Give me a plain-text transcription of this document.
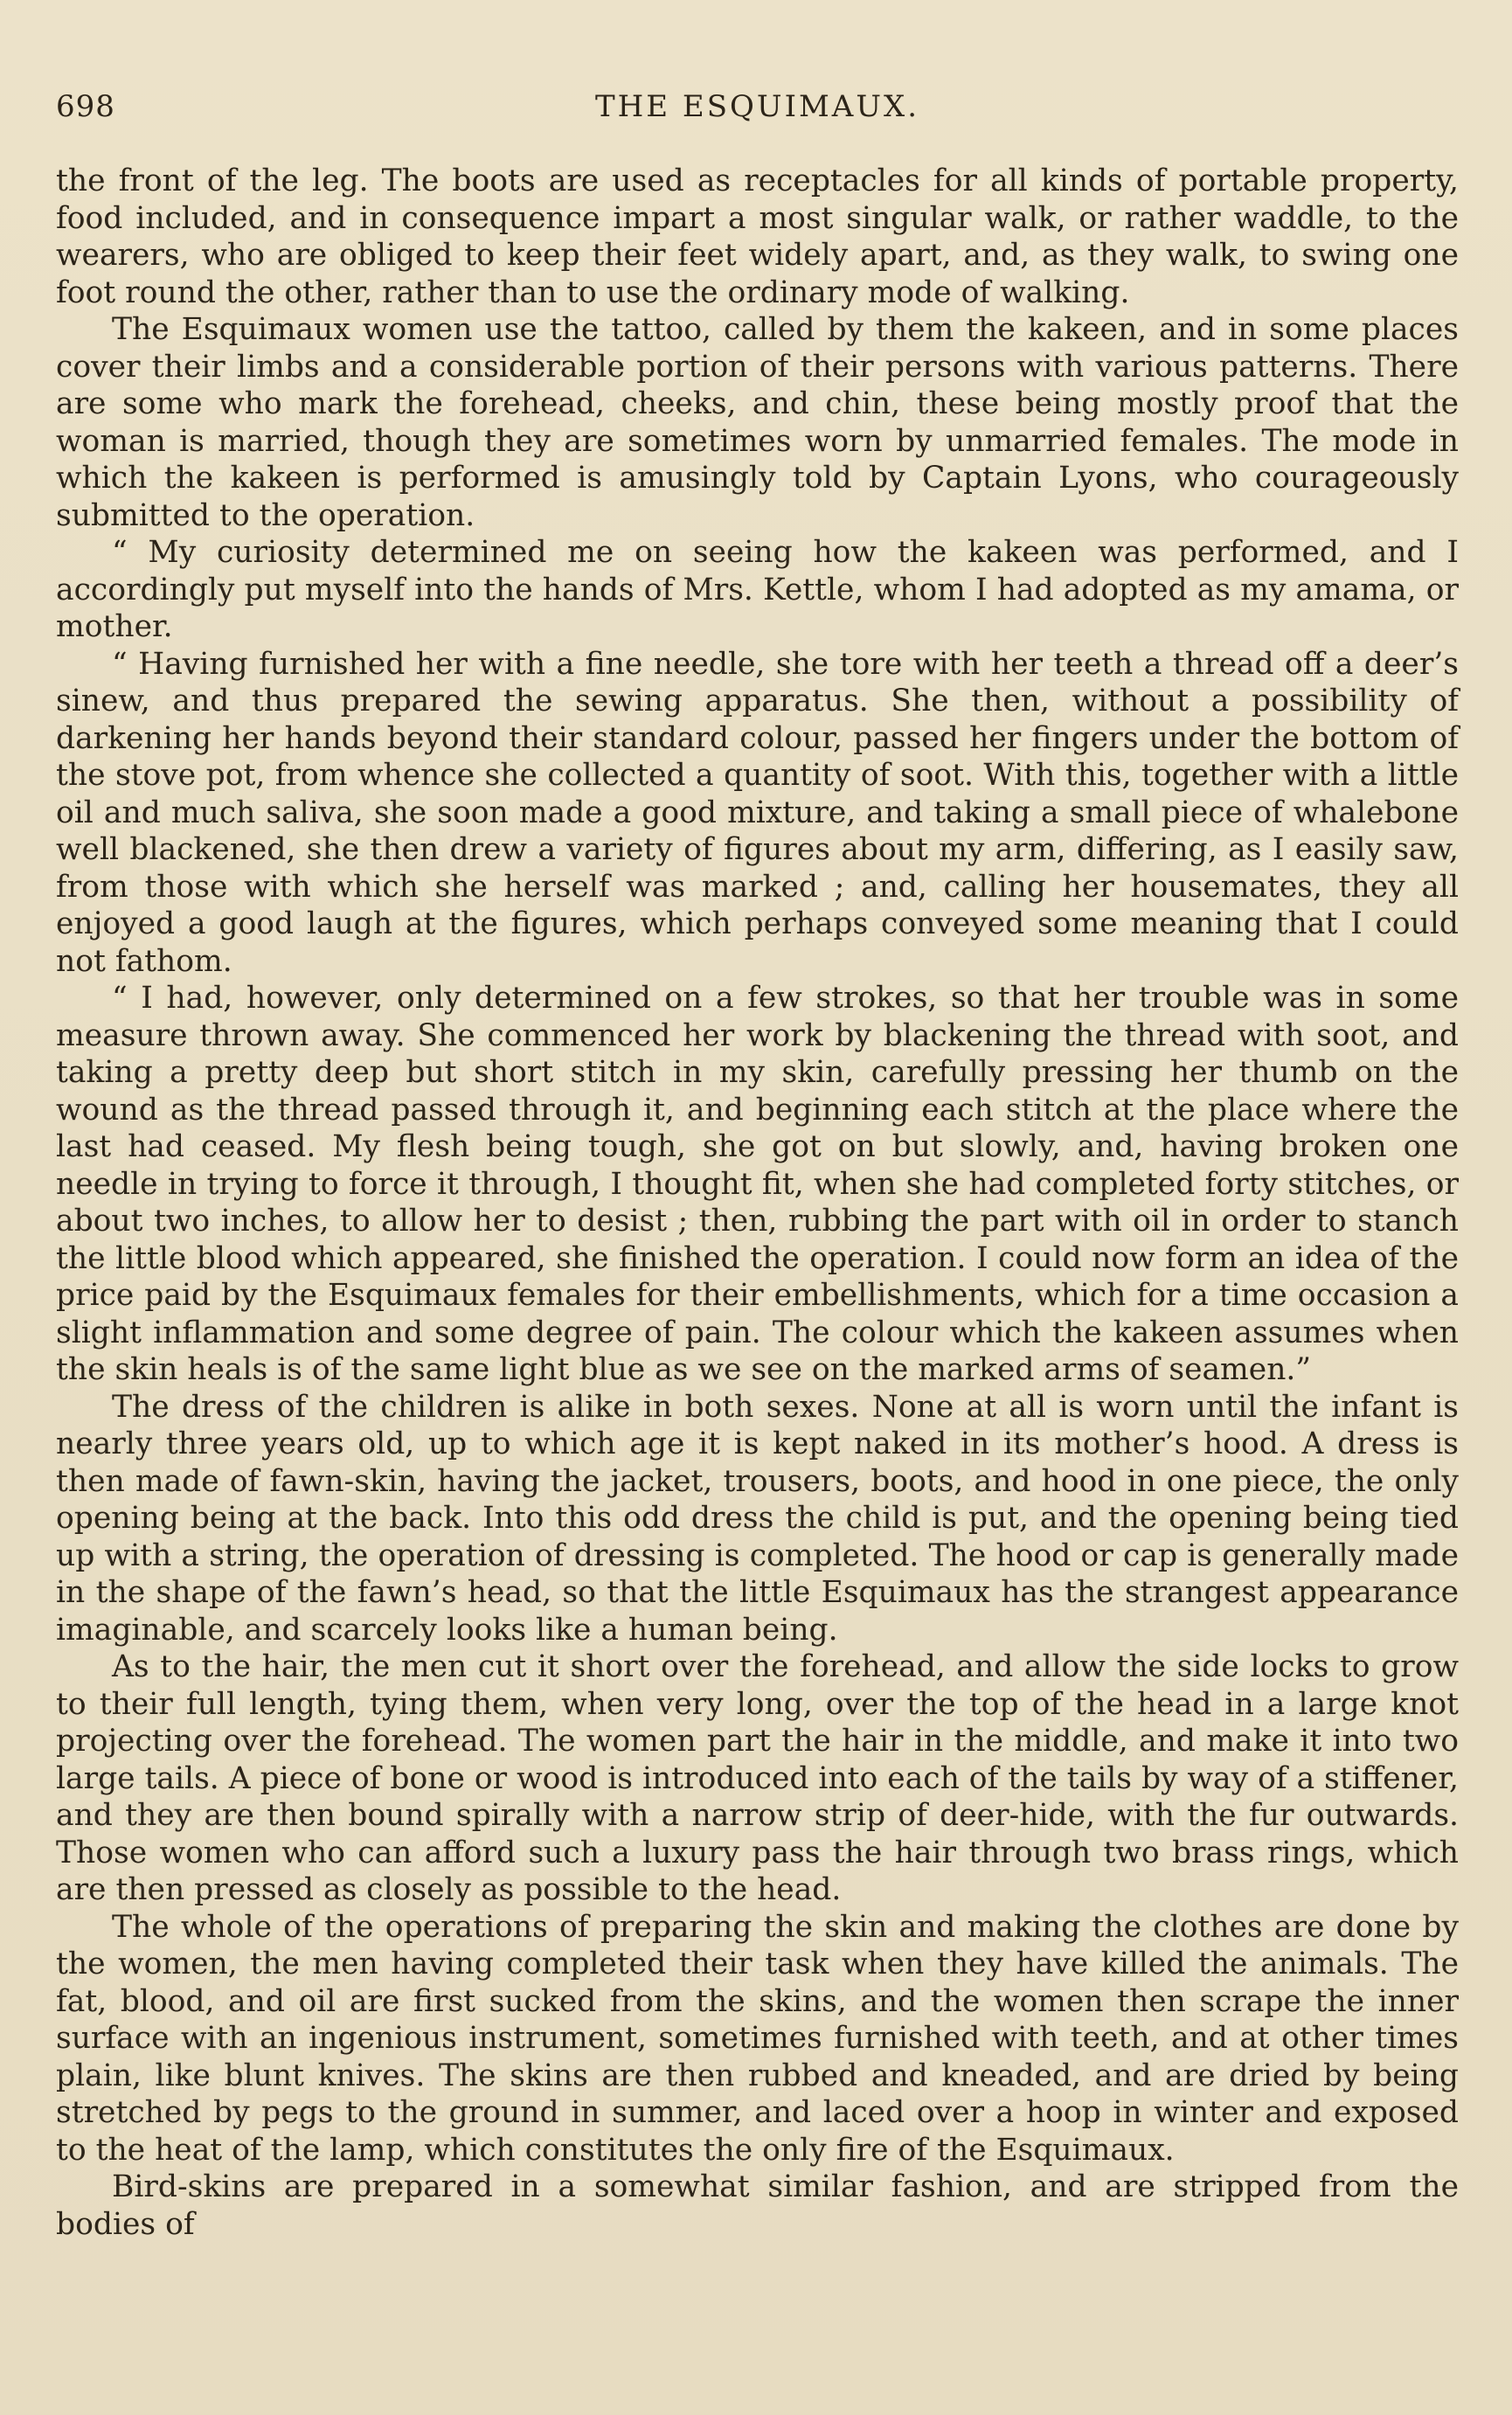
698	THE ESQUIMAUX.

the front of the leg. The boots are used as receptacles for all kinds of portable property, food included, and in consequence impart a most singular walk, or rather waddle, to the wearers, who are obliged to keep their feet widely apart, and, as they walk, to swing one foot round the other, rather than to use the ordinary mode of walking.

The Esquimaux women use the tattoo, called by them the kakeen, and in some places cover their limbs and a considerable portion of their persons with various patterns. There are some who mark the forehead, cheeks, and chin, these being mostly proof that the woman is married, though they are sometimes worn by unmarried females. The mode in which the kakeen is performed is amusingly told by Captain Lyons, who courageously submitted to the operation.

“ My curiosity determined me on seeing how the kakeen was performed, and I accordingly put myself into the hands of Mrs. Kettle, whom I had adopted as my amama, or mother.

“ Having furnished her with a fine needle, she tore with her teeth a thread off a deer’s sinew, and thus prepared the sewing apparatus. She then, without a possibility of darkening her hands beyond their standard colour, passed her fingers under the bottom of the stove pot, from whence she collected a quantity of soot. With this, together with a little oil and much saliva, she soon made a good mixture, and taking a small piece of whalebone well blackened, she then drew a variety of figures about my arm, differing, as I easily saw, from those with which she herself was marked ; and, calling her housemates, they all enjoyed a good laugh at the figures, which perhaps conveyed some meaning that I could not fathom.

“ I had, however, only determined on a few strokes, so that her trouble was in some measure thrown away. She commenced her work by blackening the thread with soot, and taking a pretty deep but short stitch in my skin, carefully pressing her thumb on the wound as the thread passed through it, and beginning each stitch at the place where the last had ceased. My flesh being tough, she got on but slowly, and, having broken one needle in trying to force it through, I thought fit, when she had completed forty stitches, or about two inches, to allow her to desist ; then, rubbing the part with oil in order to stanch the little blood which appeared, she finished the operation. I could now form an idea of the price paid by the Esquimaux females for their embellishments, which for a time occasion a slight inflammation and some degree of pain. The colour which the kakeen assumes when the skin heals is of the same light blue as we see on the marked arms of seamen.”

The dress of the children is alike in both sexes. None at all is worn until the infant is nearly three years old, up to which age it is kept naked in its mother’s hood. A dress is then made of fawn-skin, having the jacket, trousers, boots, and hood in one piece, the only opening being at the back. Into this odd dress the child is put, and the opening being tied up with a string, the operation of dressing is completed. The hood or cap is generally made in the shape of the fawn’s head, so that the little Esquimaux has the strangest appearance imaginable, and scarcely looks like a human being.

As to the hair, the men cut it short over the forehead, and allow the side locks to grow to their full length, tying them, when very long, over the top of the head in a large knot projecting over the forehead. The women part the hair in the middle, and make it into two large tails. A piece of bone or wood is introduced into each of the tails by way of a stiffener, and they are then bound spirally with a narrow strip of deer-hide, with the fur outwards. Those women who can afford such a luxury pass the hair through two brass rings, which are then pressed as closely as possible to the head.

The whole of the operations of preparing the skin and making the clothes are done by the women, the men having completed their task when they have killed the animals. The fat, blood, and oil are first sucked from the skins, and the women then scrape the inner surface with an ingenious instrument, sometimes furnished with teeth, and at other times plain, like blunt knives. The skins are then rubbed and kneaded, and are dried by being stretched by pegs to the ground in summer, and laced over a hoop in winter and exposed to the heat of the lamp, which constitutes the only fire of the Esquimaux.

Bird-skins are prepared in a somewhat similar fashion, and are stripped from the bodies of
